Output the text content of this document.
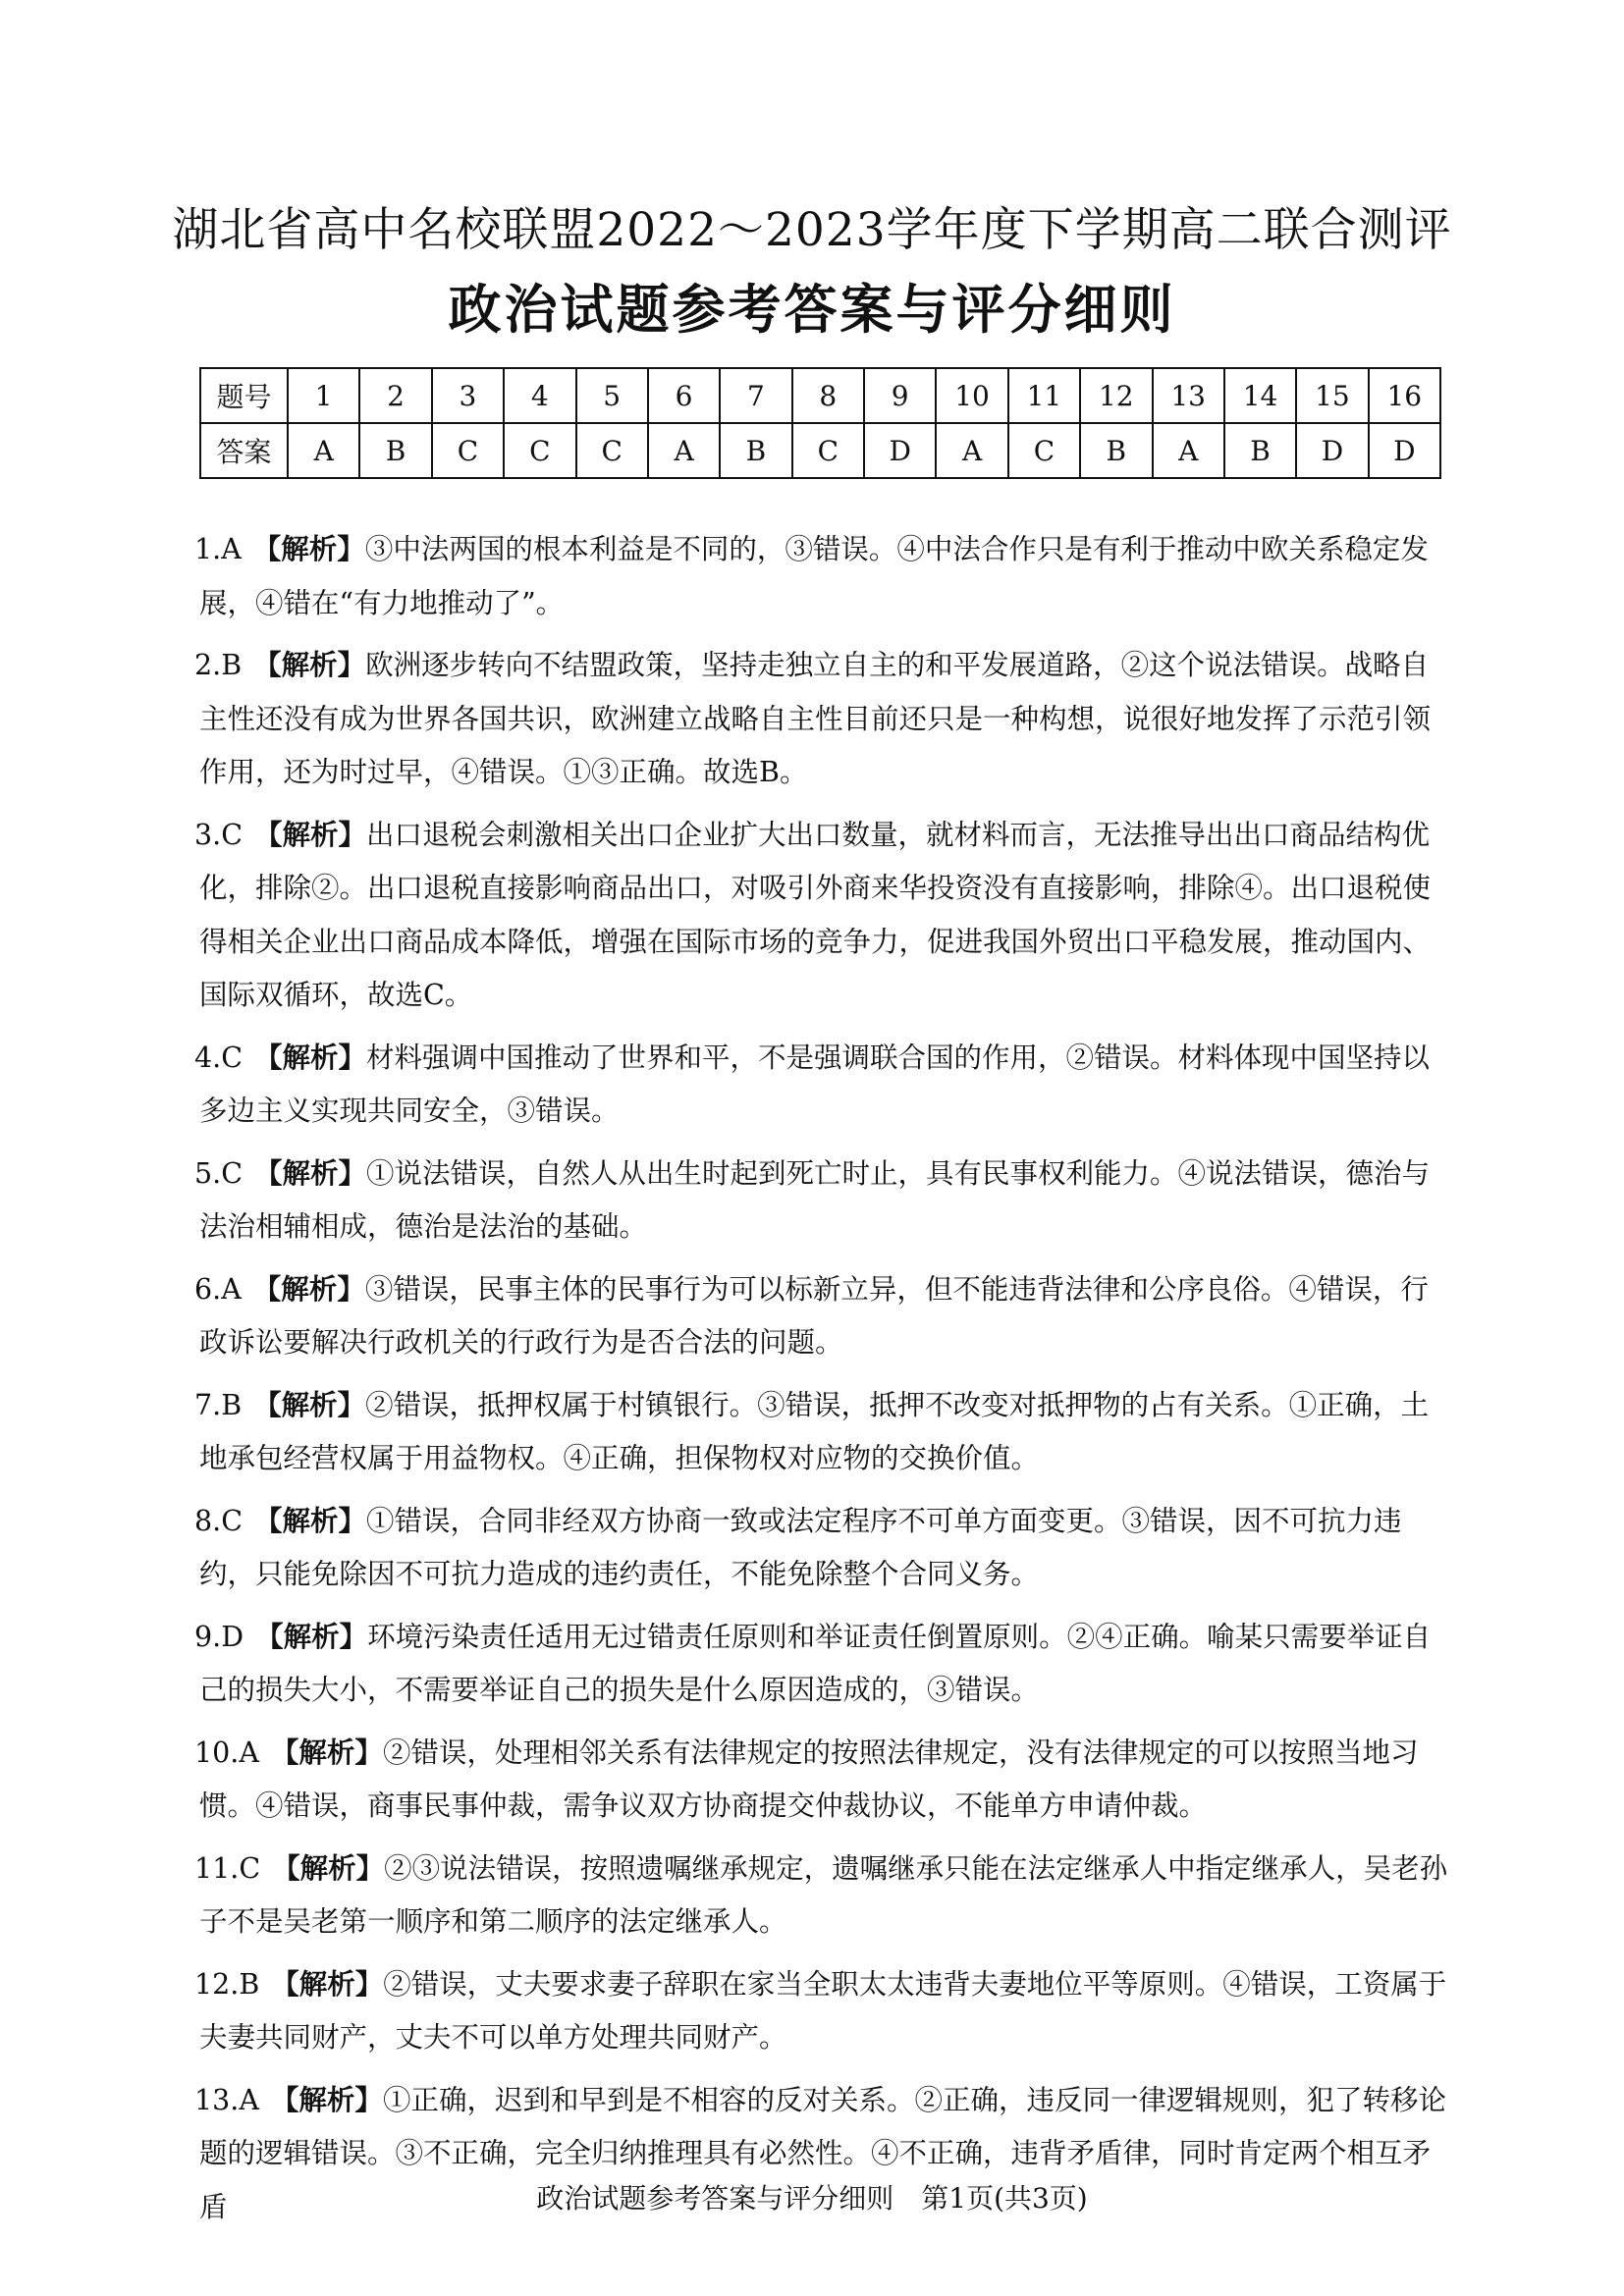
湖北省高中名校联盟2022～2023学年度下学期高二联合测评
政治试题参考答案与评分细则
题号	1	2	3	4	5	6	7	8	9	10	11	12	13	14	15	16
答案	A	B	C	C	C	A	B	C	D	A	C	B	A	B	D	D

1.A 【解析】③中法两国的根本利益是不同的，③错误。④中法合作只是有利于推动中欧关系稳定发展，④错在“有力地推动了”。

2.B 【解析】欧洲逐步转向不结盟政策，坚持走独立自主的和平发展道路，②这个说法错误。战略自主性还没有成为世界各国共识，欧洲建立战略自主性目前还只是一种构想，说很好地发挥了示范引领作用，还为时过早，④错误。①③正确。故选B。

3.C 【解析】出口退税会刺激相关出口企业扩大出口数量，就材料而言，无法推导出出口商品结构优化，排除②。出口退税直接影响商品出口，对吸引外商来华投资没有直接影响，排除④。出口退税使得相关企业出口商品成本降低，增强在国际市场的竞争力，促进我国外贸出口平稳发展，推动国内、国际双循环，故选C。

4.C 【解析】材料强调中国推动了世界和平，不是强调联合国的作用，②错误。材料体现中国坚持以多边主义实现共同安全，③错误。

5.C 【解析】①说法错误，自然人从出生时起到死亡时止，具有民事权利能力。④说法错误，德治与法治相辅相成，德治是法治的基础。

6.A 【解析】③错误，民事主体的民事行为可以标新立异，但不能违背法律和公序良俗。④错误，行政诉讼要解决行政机关的行政行为是否合法的问题。

7.B 【解析】②错误，抵押权属于村镇银行。③错误，抵押不改变对抵押物的占有关系。①正确，土地承包经营权属于用益物权。④正确，担保物权对应物的交换价值。

8.C 【解析】①错误，合同非经双方协商一致或法定程序不可单方面变更。③错误，因不可抗力违约，只能免除因不可抗力造成的违约责任，不能免除整个合同义务。

9.D 【解析】环境污染责任适用无过错责任原则和举证责任倒置原则。②④正确。喻某只需要举证自己的损失大小，不需要举证自己的损失是什么原因造成的，③错误。

10.A 【解析】②错误，处理相邻关系有法律规定的按照法律规定，没有法律规定的可以按照当地习惯。④错误，商事民事仲裁，需争议双方协商提交仲裁协议，不能单方申请仲裁。

11.C 【解析】②③说法错误，按照遗嘱继承规定，遗嘱继承只能在法定继承人中指定继承人，吴老孙子不是吴老第一顺序和第二顺序的法定继承人。

12.B 【解析】②错误，丈夫要求妻子辞职在家当全职太太违背夫妻地位平等原则。④错误，工资属于夫妻共同财产，丈夫不可以单方处理共同财产。

13.A 【解析】①正确，迟到和早到是不相容的反对关系。②正确，违反同一律逻辑规则，犯了转移论题的逻辑错误。③不正确，完全归纳推理具有必然性。④不正确，违背矛盾律，同时肯定两个相互矛盾	政治试题参考答案与评分细则　第1页(共3页)
